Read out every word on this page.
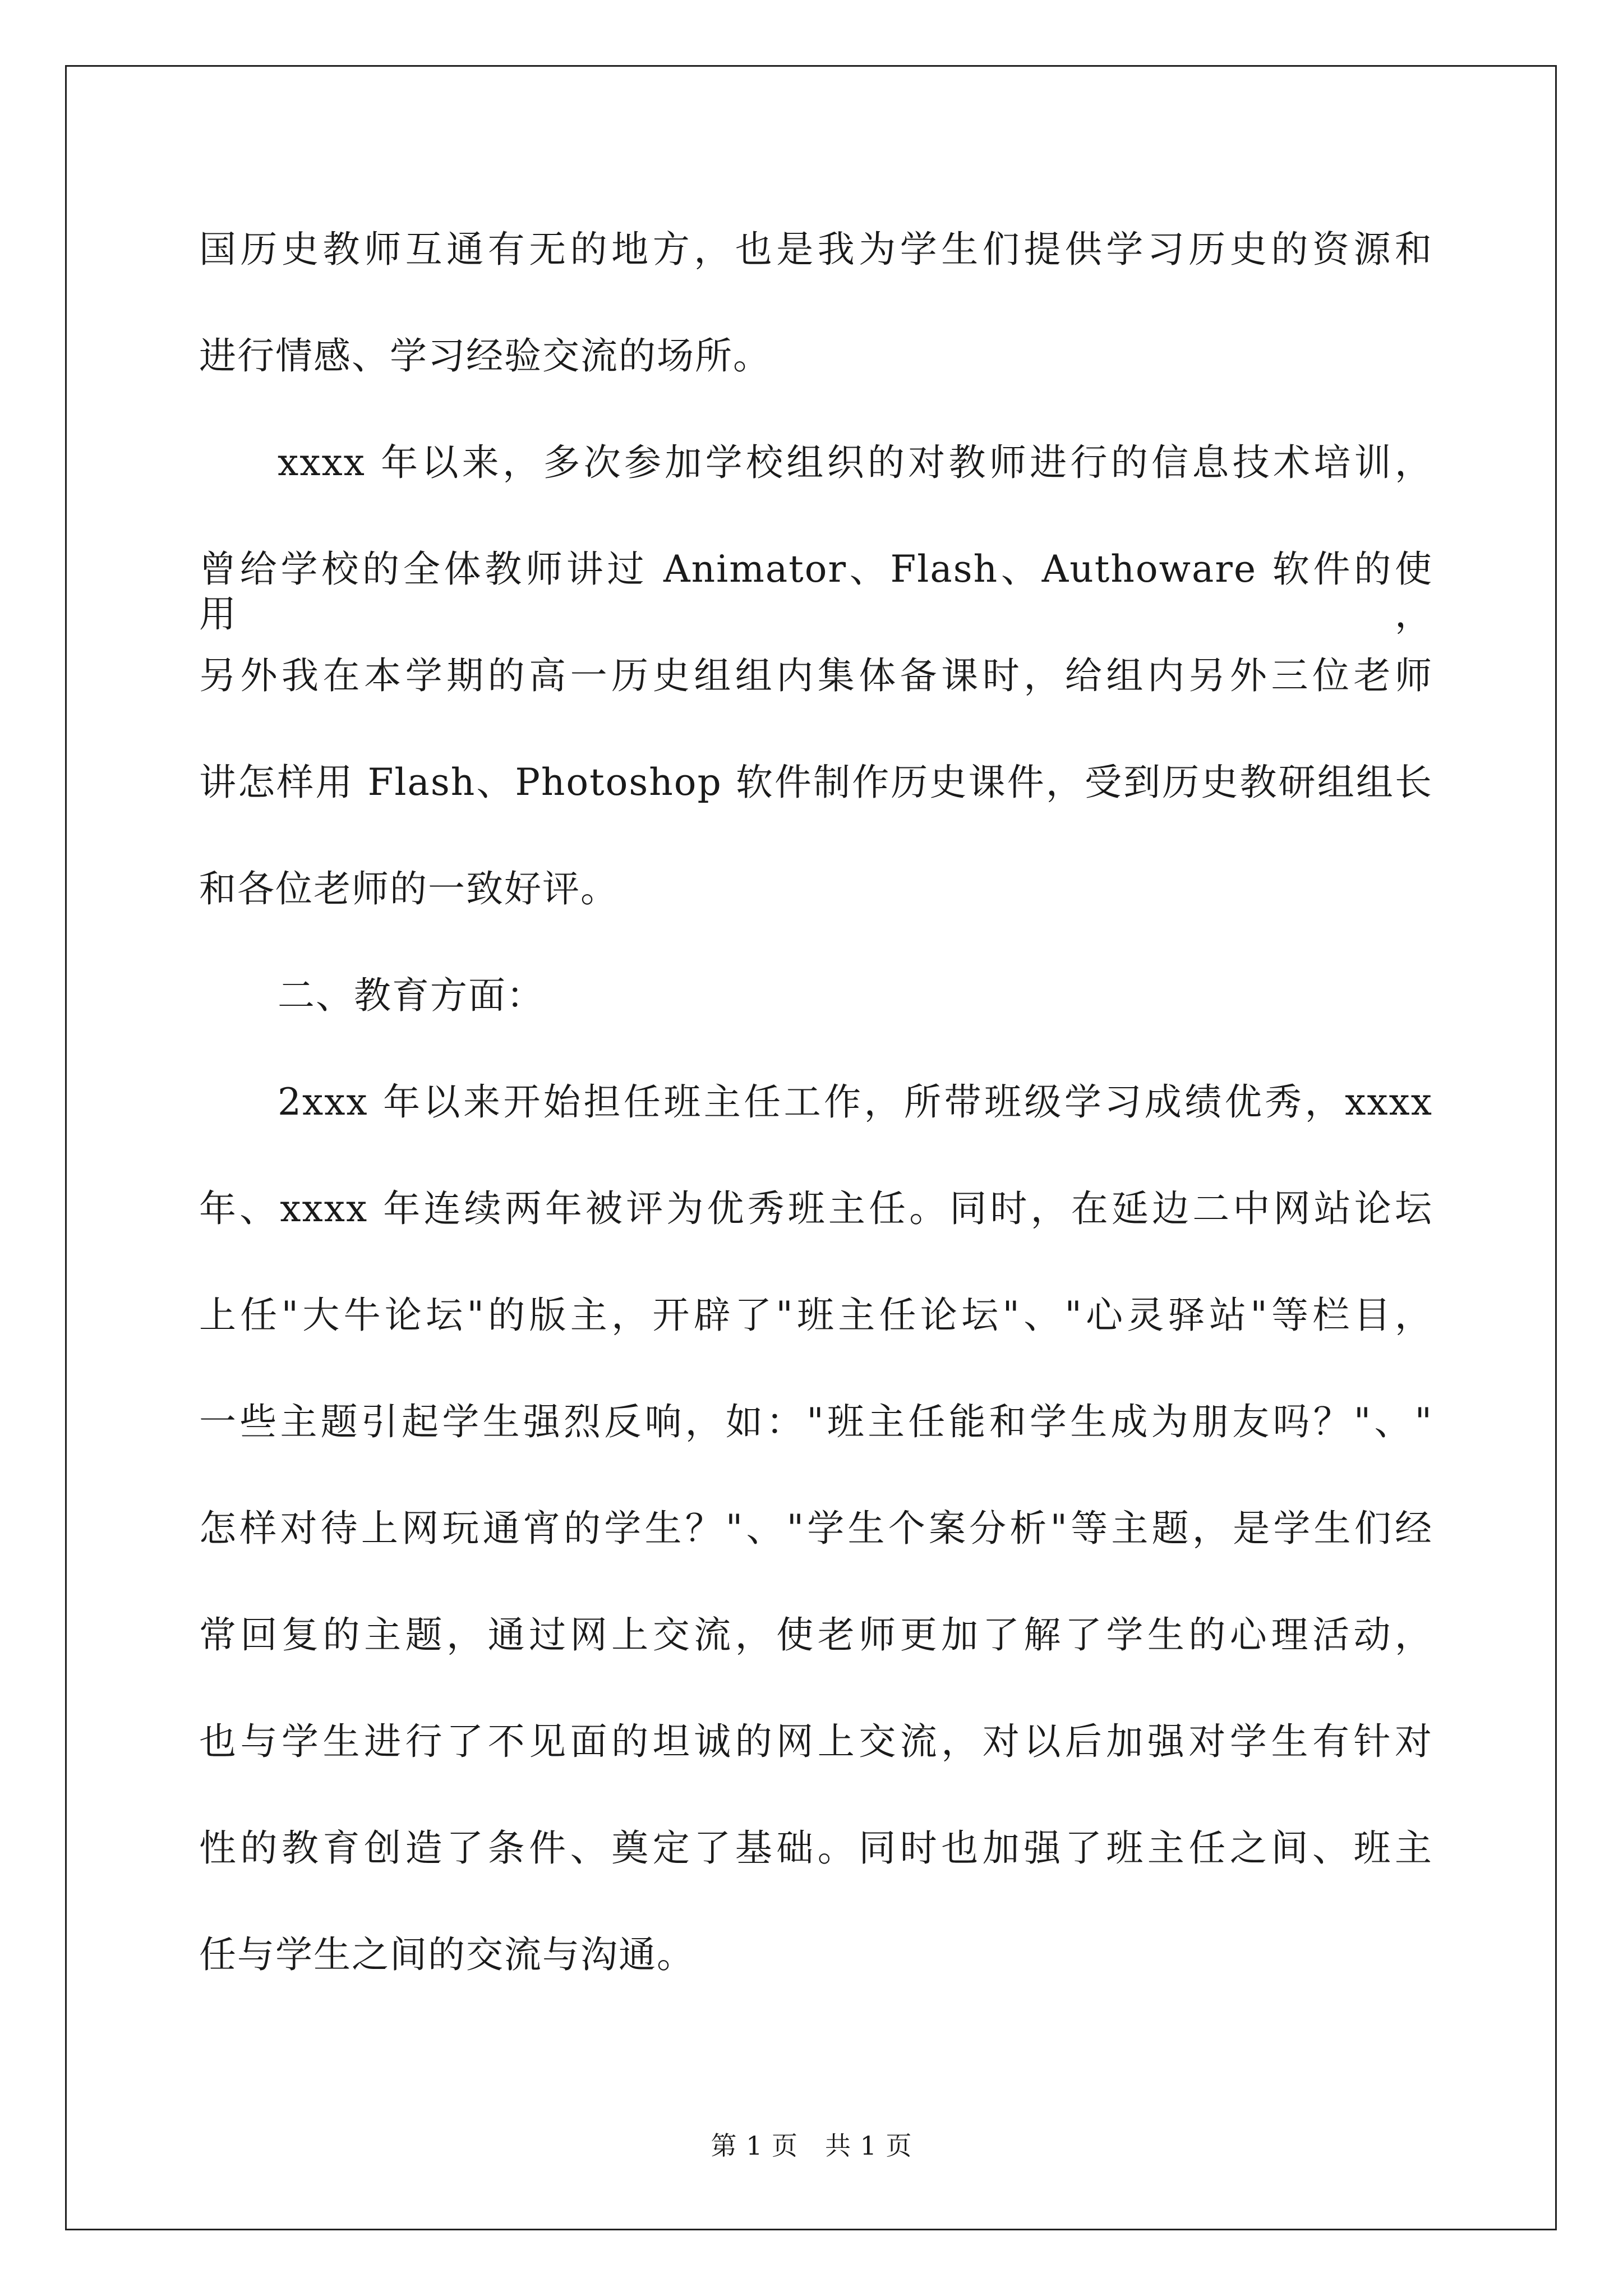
国历史教师互通有无的地方，也是我为学生们提供学习历史的资源和
进行情感、学习经验交流的场所。
xxxx 年以来，多次参加学校组织的对教师进行的信息技术培训，
曾给学校的全体教师讲过 Animator、Flash、Authoware 软件的使用，
另外我在本学期的高一历史组组内集体备课时，给组内另外三位老师
讲怎样用 Flash、Photoshop 软件制作历史课件，受到历史教研组组长
和各位老师的一致好评。
二、教育方面：
2xxx 年以来开始担任班主任工作，所带班级学习成绩优秀，xxxx
年、xxxx 年连续两年被评为优秀班主任。同时，在延边二中网站论坛
上任"大牛论坛"的版主，开辟了"班主任论坛"、"心灵驿站"等栏目，
一些主题引起学生强烈反响，如："班主任能和学生成为朋友吗？"、"
怎样对待上网玩通宵的学生？"、"学生个案分析"等主题，是学生们经
常回复的主题，通过网上交流，使老师更加了解了学生的心理活动，
也与学生进行了不见面的坦诚的网上交流，对以后加强对学生有针对
性的教育创造了条件、奠定了基础。同时也加强了班主任之间、班主
任与学生之间的交流与沟通。
第 1 页 共 1 页
